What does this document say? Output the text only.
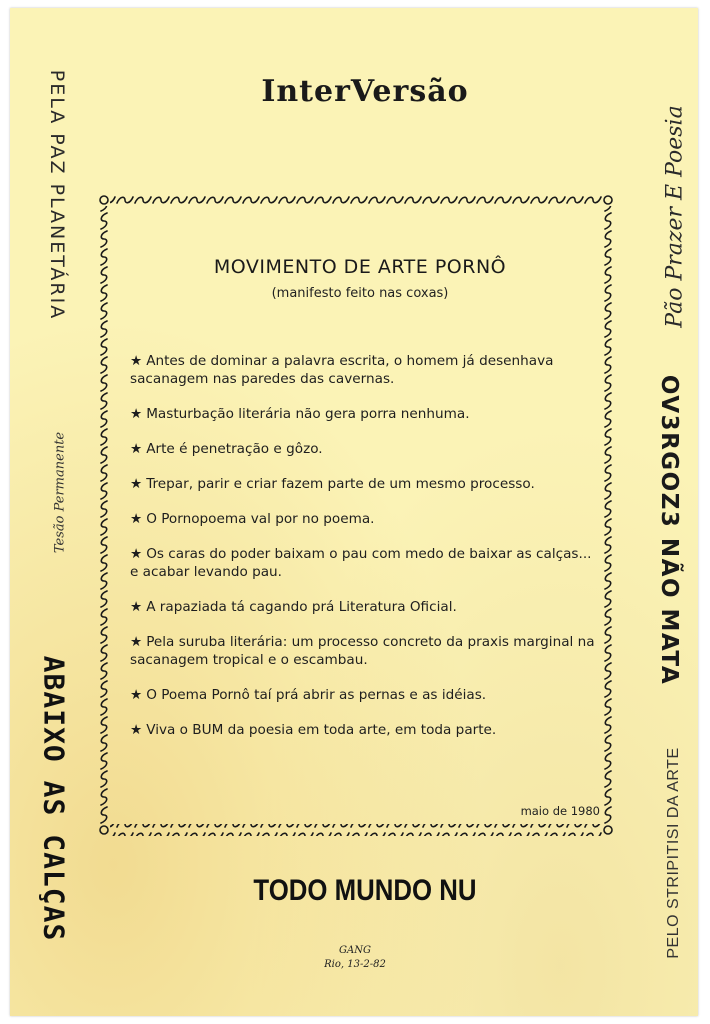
InterVersão
PELA PAZ PLANETÁRIA
Tesão Permanente
ABAIXO AS CALÇAS
Pão Prazer E Poesia
OV3RGOZ3 NÃO MATA
PELO STRIPITISI DA ARTE
MOVIMENTO DE ARTE PORNÔ
(manifesto feito nas coxas)
★ Antes de dominar a palavra escrita, o homem já desenhava sacanagem nas paredes das cavernas.
★ Masturbação literária não gera porra nenhuma.
★ Arte é penetração e gôzo.
★ Trepar, parir e criar fazem parte de um mesmo processo.
★ O Pornopoema val por no poema.
★ Os caras do poder baixam o pau com medo de baixar as calças... e acabar levando pau.
★ A rapaziada tá cagando prá Literatura Oficial.
★ Pela suruba literária: um processo concreto da praxis marginal na sacanagem tropical e o escambau.
★ O Poema Pornô taí prá abrir as pernas e as idéias.
★ Viva o BUM da poesia em toda arte, em toda parte.
maio de 1980
TODO MUNDO NU
GANG
Rio, 13-2-82
